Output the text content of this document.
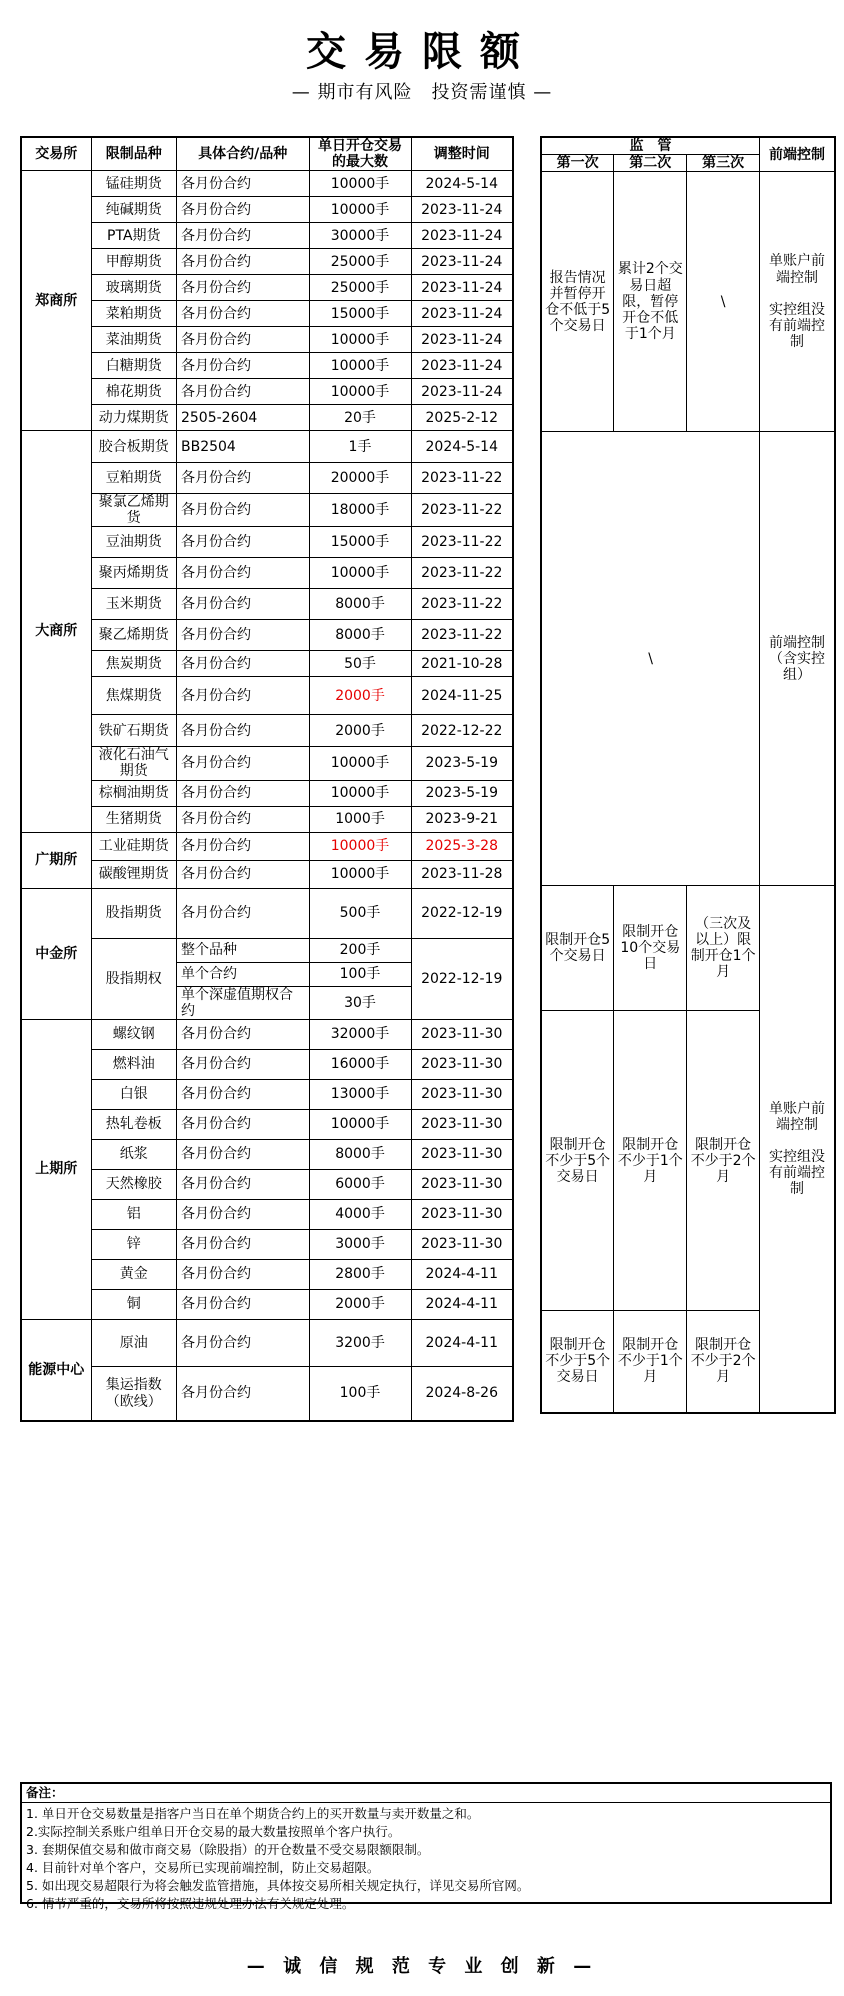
交易限额
— 期市有风险　投资需谨慎 —
交易所	限制品种	具体合约/品种	单日开仓交易的最大数	调整时间
郑商所	锰硅期货	各月份合约	10000手	2024-5-14
	纯碱期货	各月份合约	10000手	2023-11-24
	PTA期货	各月份合约	30000手	2023-11-24
	甲醇期货	各月份合约	25000手	2023-11-24
	玻璃期货	各月份合约	25000手	2023-11-24
	菜粕期货	各月份合约	15000手	2023-11-24
	菜油期货	各月份合约	10000手	2023-11-24
	白糖期货	各月份合约	10000手	2023-11-24
	棉花期货	各月份合约	10000手	2023-11-24
	动力煤期货	2505-2604	20手	2025-2-12
大商所	胶合板期货	BB2504	1手	2024-5-14
	豆粕期货	各月份合约	20000手	2023-11-22
	聚氯乙烯期货	各月份合约	18000手	2023-11-22
	豆油期货	各月份合约	15000手	2023-11-22
	聚丙烯期货	各月份合约	10000手	2023-11-22
	玉米期货	各月份合约	8000手	2023-11-22
	聚乙烯期货	各月份合约	8000手	2023-11-22
	焦炭期货	各月份合约	50手	2021-10-28
	焦煤期货	各月份合约	2000手	2024-11-25
	铁矿石期货	各月份合约	2000手	2022-12-22
	液化石油气期货	各月份合约	10000手	2023-5-19
	棕榈油期货	各月份合约	10000手	2023-5-19
	生猪期货	各月份合约	1000手	2023-9-21
广期所	工业硅期货	各月份合约	10000手	2025-3-28
	碳酸锂期货	各月份合约	10000手	2023-11-28
中金所	股指期货	各月份合约	500手	2022-12-19
	股指期权	整个品种	200手	2022-12-19
		单个合约	100手	
		单个深虚值期权合约	30手	
上期所	螺纹钢	各月份合约	32000手	2023-11-30
	燃料油	各月份合约	16000手	2023-11-30
	白银	各月份合约	13000手	2023-11-30
	热轧卷板	各月份合约	10000手	2023-11-30
	纸浆	各月份合约	8000手	2023-11-30
	天然橡胶	各月份合约	6000手	2023-11-30
	铝	各月份合约	4000手	2023-11-30
	锌	各月份合约	3000手	2023-11-30
	黄金	各月份合约	2800手	2024-4-11
	铜	各月份合约	2000手	2024-4-11
能源中心	原油	各月份合约	3200手	2024-4-11
	集运指数（欧线）	各月份合约	100手	2024-8-26
监　管			前端控制
第一次	第二次	第三次	
报告情况并暂停开仓不低于5个交易日	累计2个交易日超限，暂停开仓不低于1个月	\	单账户前端控制

实控组没有前端控制
\			前端控制（含实控组）
限制开仓5个交易日	限制开仓10个交易日	（三次及以上）限制开仓1个月	单账户前端控制

实控组没有前端控制
限制开仓不少于5个交易日	限制开仓不少于1个月	限制开仓不少于2个月	
限制开仓不少于5个交易日	限制开仓不少于1个月	限制开仓不少于2个月	
备注：
1. 单日开仓交易数量是指客户当日在单个期货合约上的买开数量与卖开数量之和。
2.实际控制关系账户组单日开仓交易的最大数量按照单个客户执行。
3. 套期保值交易和做市商交易（除股指）的开仓数量不受交易限额限制。
4. 目前针对单个客户，交易所已实现前端控制，防止交易超限。
5. 如出现交易超限行为将会触发监管措施，具体按交易所相关规定执行，详见交易所官网。
6. 情节严重的，交易所将按照违规处理办法有关规定处理。
— 诚 信 规 范 专 业 创 新 —
